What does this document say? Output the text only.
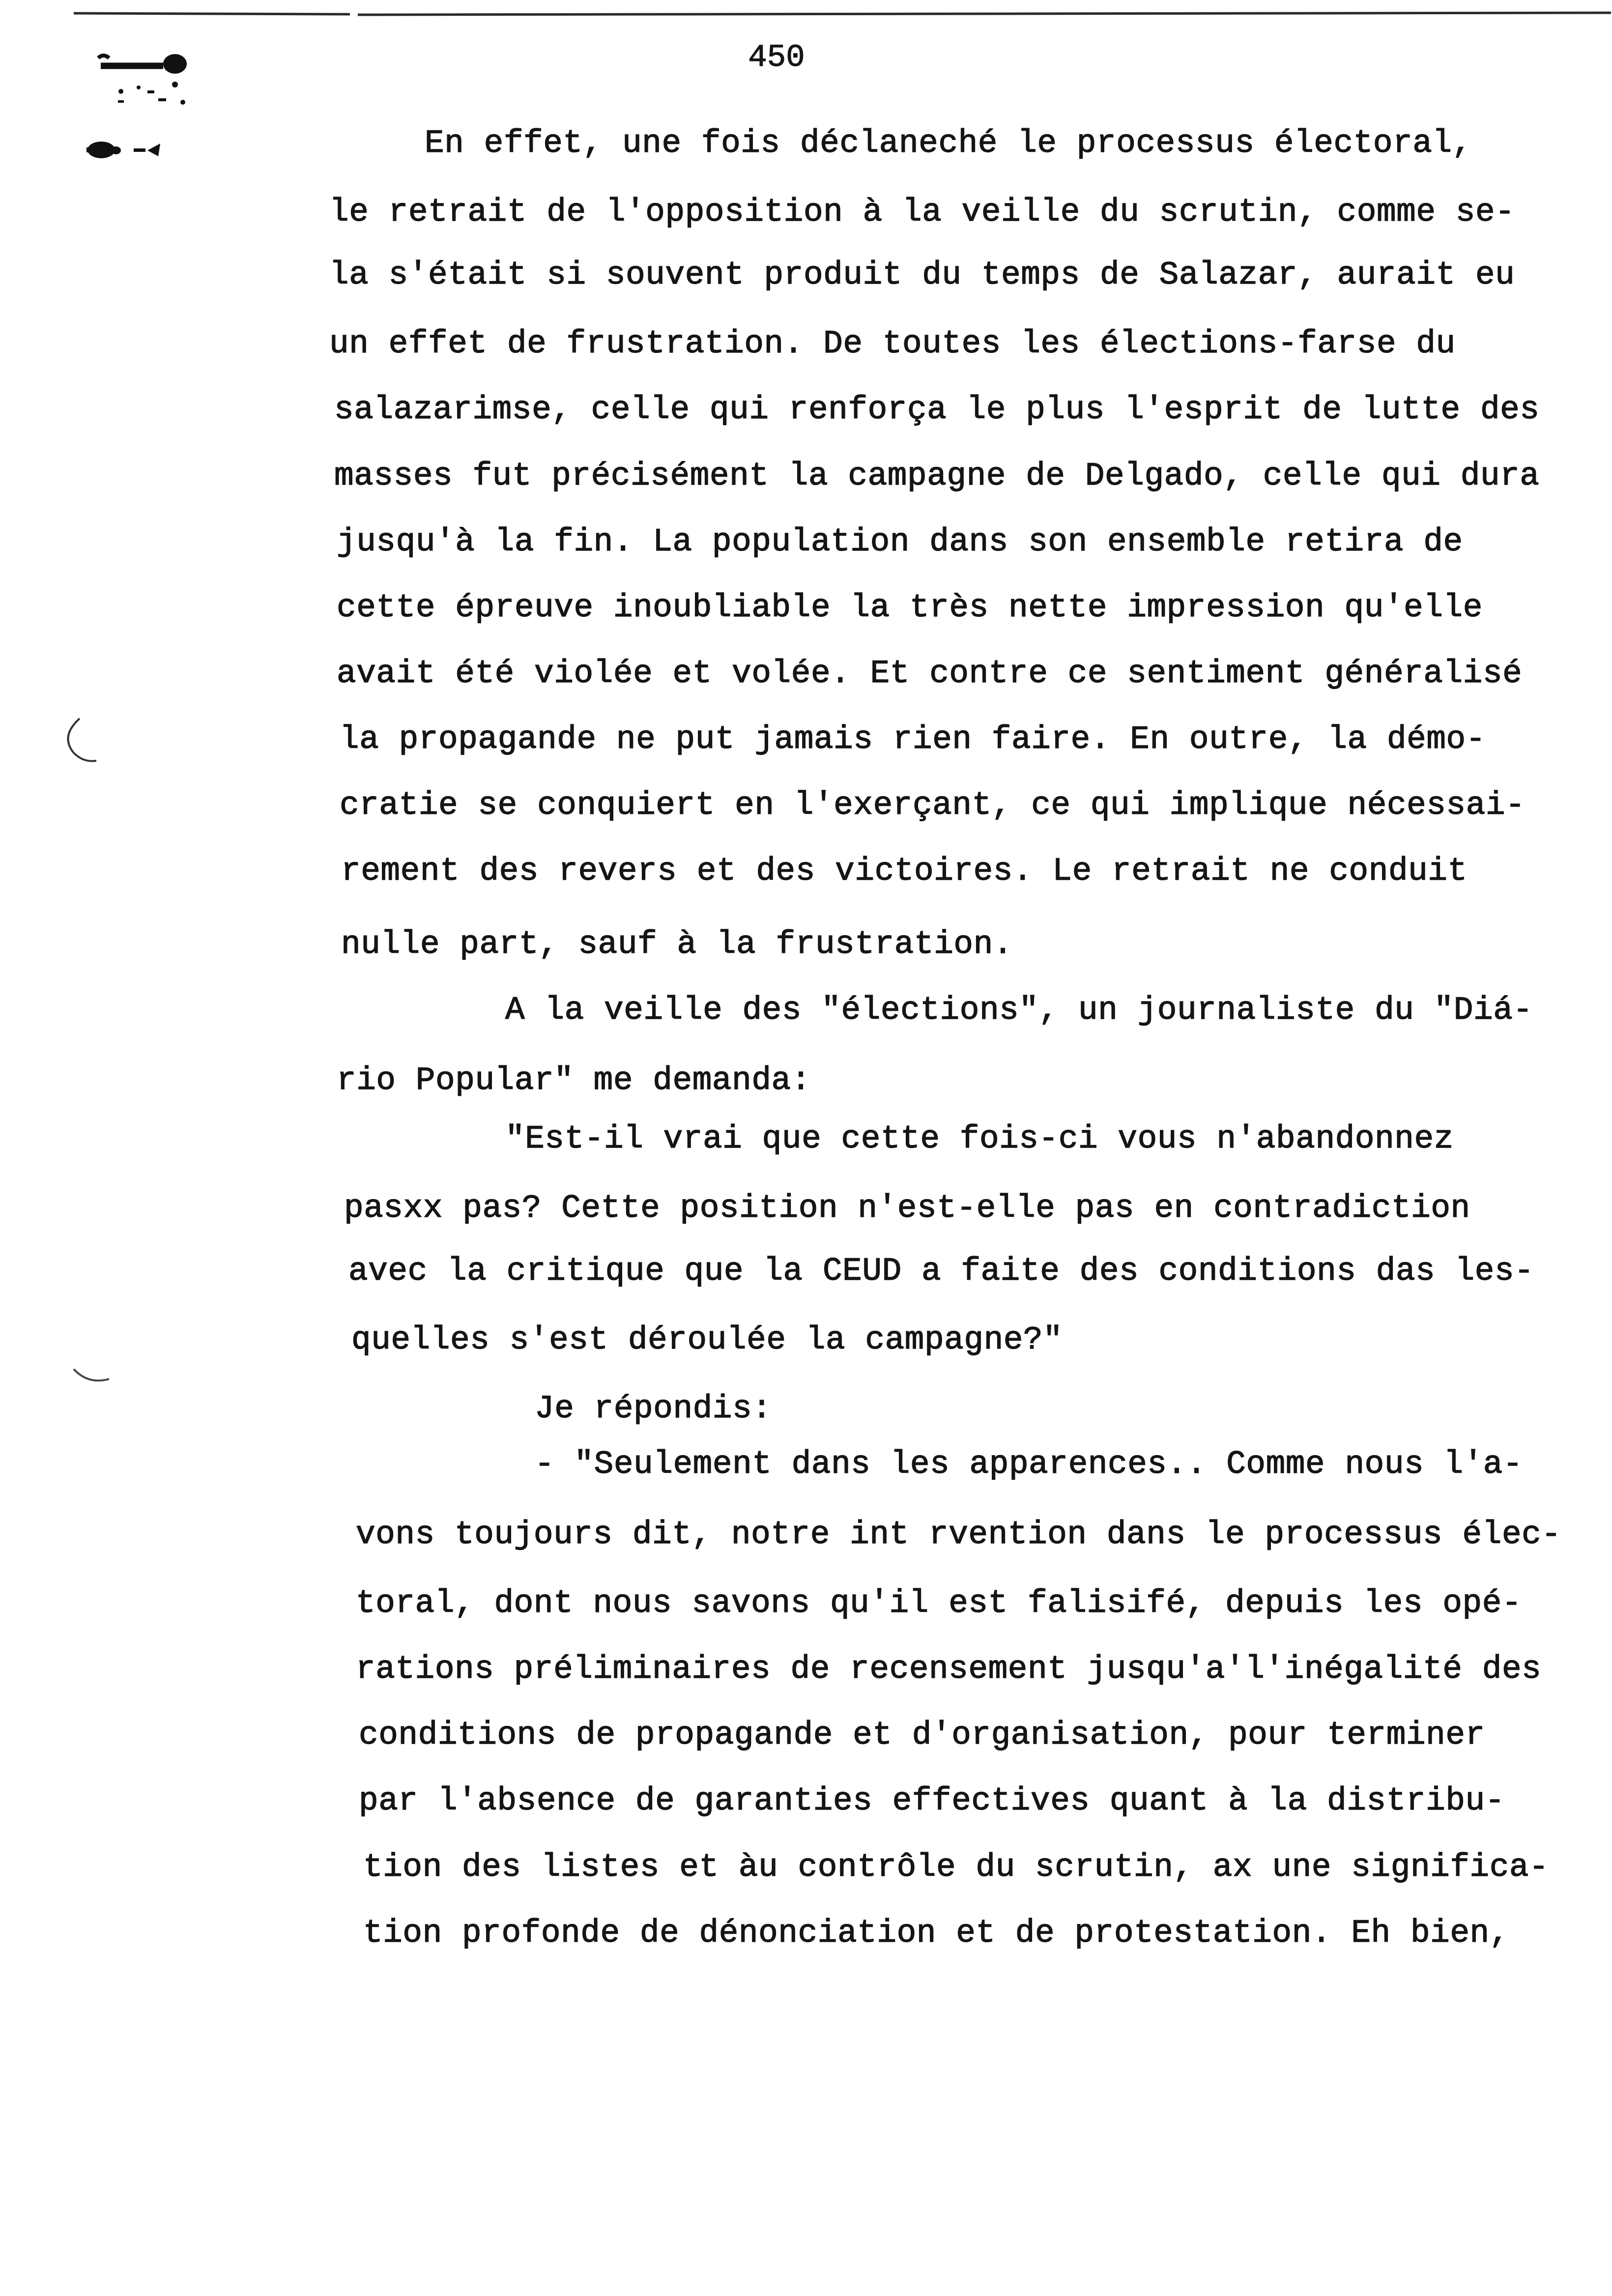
450
En effet, une fois déclaneché le processus électoral,
le retrait de l'opposition à la veille du scrutin, comme se-
la s'était si souvent produit du temps de Salazar, aurait eu
un effet de frustration. De toutes les élections-farse du
salazarimse, celle qui renforça le plus l'esprit de lutte des
masses fut précisément la campagne de Delgado, celle qui dura
jusqu'à la fin. La population dans son ensemble retira de
cette épreuve inoubliable la très nette impression qu'elle
avait été violée et volée. Et contre ce sentiment généralisé
la propagande ne put jamais rien faire. En outre, la démo-
cratie se conquiert en l'exerçant, ce qui implique nécessai-
rement des revers et des victoires. Le retrait ne conduit
nulle part, sauf à la frustration.
A la veille des "élections", un journaliste du "Diá-
rio Popular" me demanda:
"Est-il vrai que cette fois-ci vous n'abandonnez
pasxx pas? Cette position n'est-elle pas en contradiction
avec la critique que la CEUD a faite des conditions das les-
quelles s'est déroulée la campagne?"
Je répondis:
- "Seulement dans les apparences.. Comme nous l'a-
vons toujours dit, notre int rvention dans le processus élec-
toral, dont nous savons qu'il est falisifé, depuis les opé-
rations préliminaires de recensement jusqu'a'l'inégalité des
conditions de propagande et d'organisation, pour terminer
par l'absence de garanties effectives quant à la distribu-
tion des listes et àu contrôle du scrutin, ax une significa-
tion profonde de dénonciation et de protestation. Eh bien,
